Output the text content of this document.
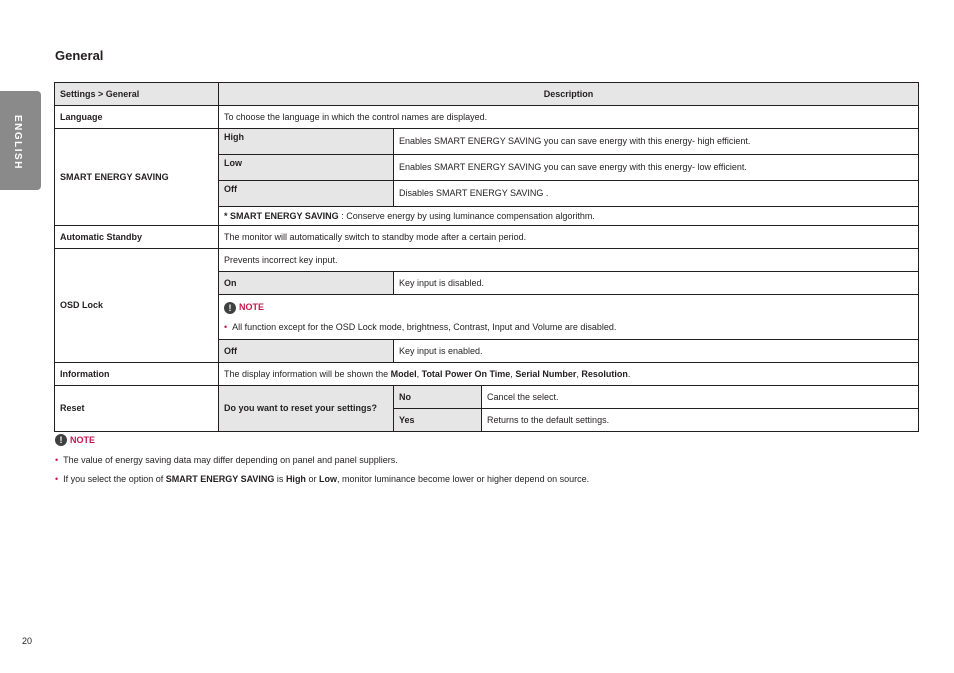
ENGLISH
General
Settings > General	Description		
Language	To choose the language in which the control names are displayed.		
SMART ENERGY SAVING	High	Enables SMART ENERGY SAVING you can save energy with this energy- high efficient.	
	Low	Enables SMART ENERGY SAVING you can save energy with this energy- low efficient.	
	Off	Disables SMART ENERGY SAVING .	
	* SMART ENERGY SAVING : Conserve energy by using luminance compensation algorithm.		
Automatic Standby	The monitor will automatically switch to standby mode after a certain period.		
OSD Lock	Prevents incorrect key input.		
	On	Key input is disabled.	

	! NOTE
• All function except for the OSD Lock mode, brightness, Contrast, Input and Volume are disabled.		

	Off	Key input is enabled.	
Information	The display information will be shown the Model, Total Power On Time, Serial Number, Resolution.		
Reset	Do you want to reset your settings?	No	Cancel the select.
		Yes	Returns to the default settings.
! NOTE
• The value of energy saving data may differ depending on panel and panel suppliers.
• If you select the option of SMART ENERGY SAVING is High or Low, monitor luminance become lower or higher depend on source.
20
